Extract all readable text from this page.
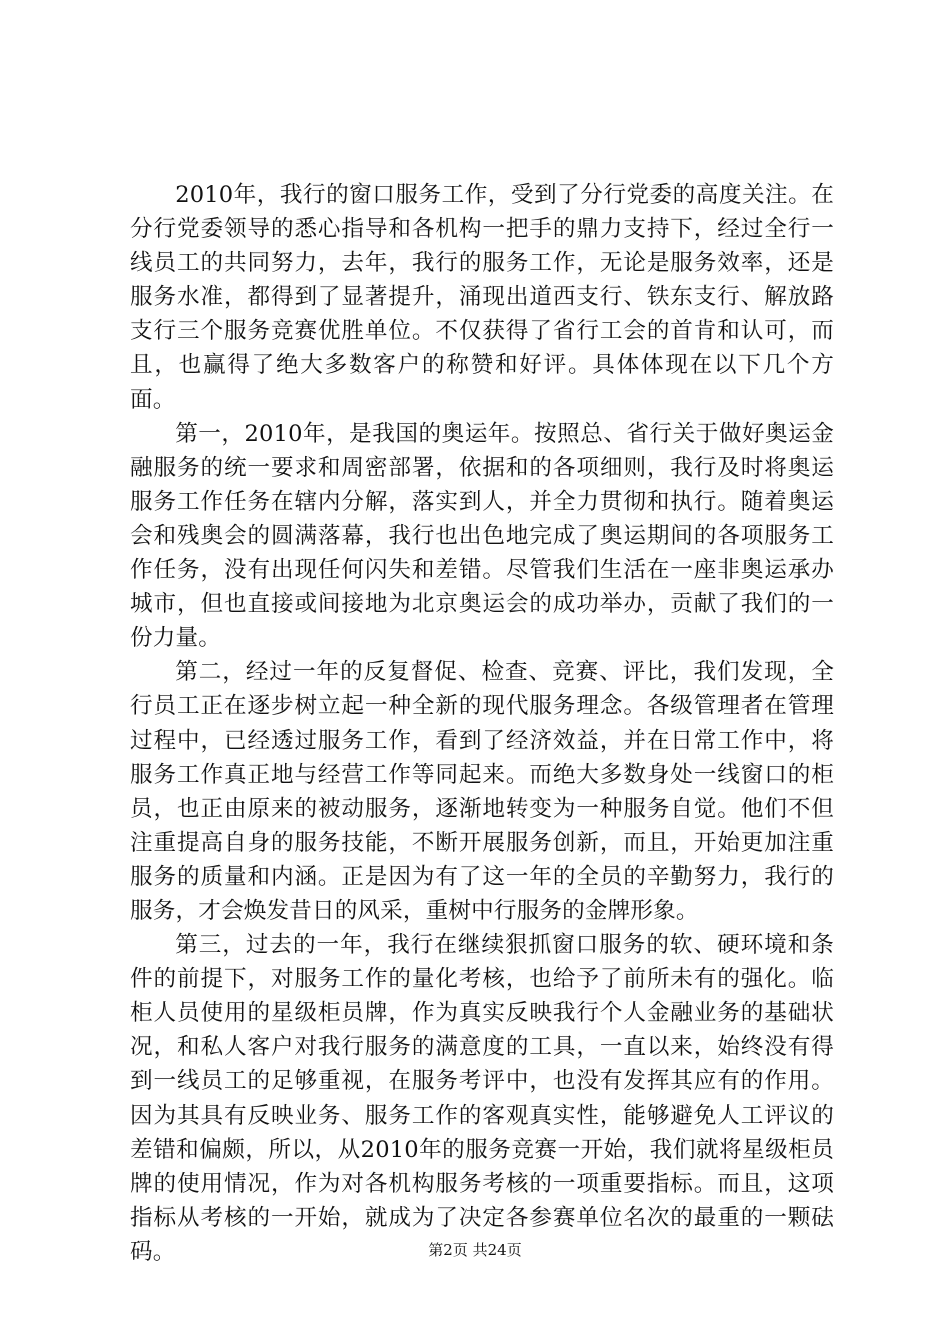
2010年，我行的窗口服务工作，受到了分行党委的高度关注。在分行党委领导的悉心指导和各机构一把手的鼎力支持下，经过全行一线员工的共同努力，去年，我行的服务工作，无论是服务效率，还是服务水准，都得到了显著提升，涌现出道西支行、铁东支行、解放路支行三个服务竞赛优胜单位。不仅获得了省行工会的首肯和认可，而且，也赢得了绝大多数客户的称赞和好评。具体体现在以下几个方面。

第一，2010年，是我国的奥运年。按照总、省行关于做好奥运金融服务的统一要求和周密部署，依据和的各项细则，我行及时将奥运服务工作任务在辖内分解，落实到人，并全力贯彻和执行。随着奥运会和残奥会的圆满落幕，我行也出色地完成了奥运期间的各项服务工作任务，没有出现任何闪失和差错。尽管我们生活在一座非奥运承办城市，但也直接或间接地为北京奥运会的成功举办，贡献了我们的一份力量。

第二，经过一年的反复督促、检查、竞赛、评比，我们发现，全行员工正在逐步树立起一种全新的现代服务理念。各级管理者在管理过程中，已经透过服务工作，看到了经济效益，并在日常工作中，将服务工作真正地与经营工作等同起来。而绝大多数身处一线窗口的柜员，也正由原来的被动服务，逐渐地转变为一种服务自觉。他们不但注重提高自身的服务技能，不断开展服务创新，而且，开始更加注重服务的质量和内涵。正是因为有了这一年的全员的辛勤努力，我行的服务，才会焕发昔日的风采，重树中行服务的金牌形象。

第三，过去的一年，我行在继续狠抓窗口服务的软、硬环境和条件的前提下，对服务工作的量化考核，也给予了前所未有的强化。临柜人员使用的星级柜员牌，作为真实反映我行个人金融业务的基础状况，和私人客户对我行服务的满意度的工具，一直以来，始终没有得到一线员工的足够重视，在服务考评中，也没有发挥其应有的作用。因为其具有反映业务、服务工作的客观真实性，能够避免人工评议的差错和偏颇，所以，从2010年的服务竞赛一开始，我们就将星级柜员牌的使用情况，作为对各机构服务考核的一项重要指标。而且，这项指标从考核的一开始，就成为了决定各参赛单位名次的最重的一颗砝码。	第2页 共24页
